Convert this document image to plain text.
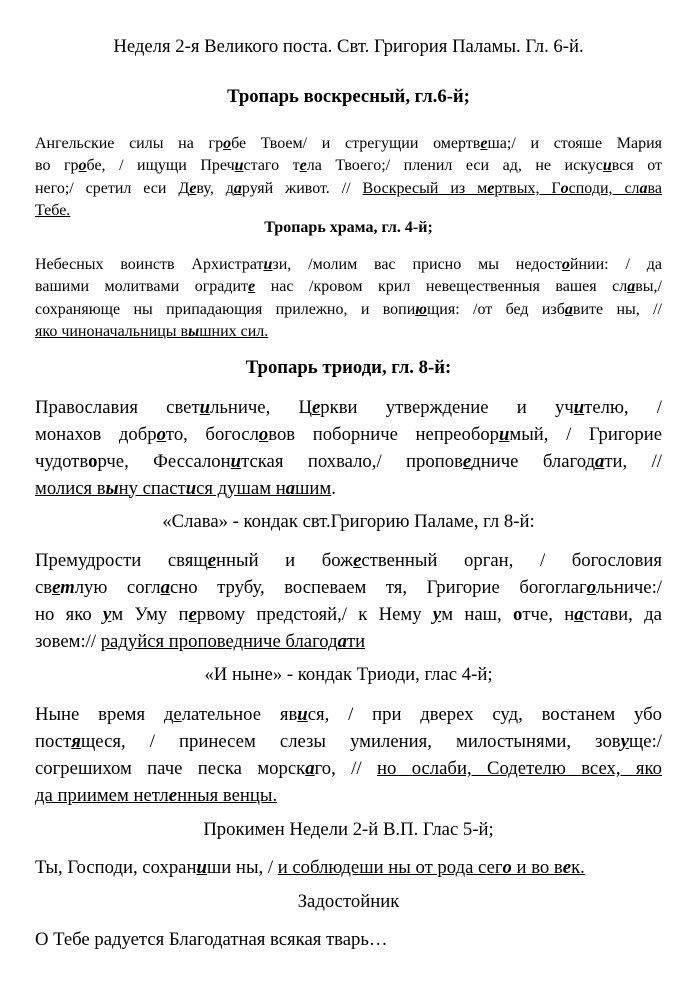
Неделя 2-я Великого поста. Свт. Григория Паламы. Гл. 6-й.
Тропарь воскресный, гл.6-й;
Ангельские силы на гробе Твоем/ и стрегущии омертвеша;/ и стояше Мария
во гробе, / ищущи Пречистаго тела Твоего;/ пленил еси ад, не искусився от
него;/ сретил еси Деву, даруяй живот. // Воскресый из мертвых, Господи, слава
Тебе.
Тропарь храма, гл. 4-й;
Небесных воинств Архистратизи, /молим вас присно мы недостойнии: / да
вашими молитвами оградите нас /кровом крил невещественныя вашея славы,/
сохраняюще ны припадающия прилежно, и вопиющия: /от бед избавите ны, //
яко чиноначальницы вышних сил.
Тропарь триоди, гл. 8-й:
Православия светильниче, Церкви утверждение и учителю, /
монахов доброто, богословов поборниче непреоборимый, / Григорие
чудотворче, Фессалонитская похвало,/ проповедниче благодати, //
молися выну спастися душам нашим.
«Слава» - кондак свт.Григорию Паламе, гл 8-й:
Премудрости священный и божественный орган, / богословия
светлую согласно трубу, воспеваем тя, Григорие богоглагольниче:/
но яко ум Уму первому предстояй,/ к Нему ум наш, отче, настави, да
зовем:// радуйся проповедниче благодати
«И ныне» - кондак Триоди, глас 4-й;
Ныне время делательное явися, / при дверех суд, востанем убо
постящеся, / принесем слезы умиления, милостынями, зовуще:/
согрешихом паче песка морскаго, // но ослаби, Содетелю всех, яко
да приимем нетленныя венцы.
Прокимен Недели 2-й В.П. Глас 5-й;
Ты, Господи, сохраниши ны, / и соблюдеши ны от рода сего и во век.
Задостойник
О Тебе радуется Благодатная всякая тварь…
